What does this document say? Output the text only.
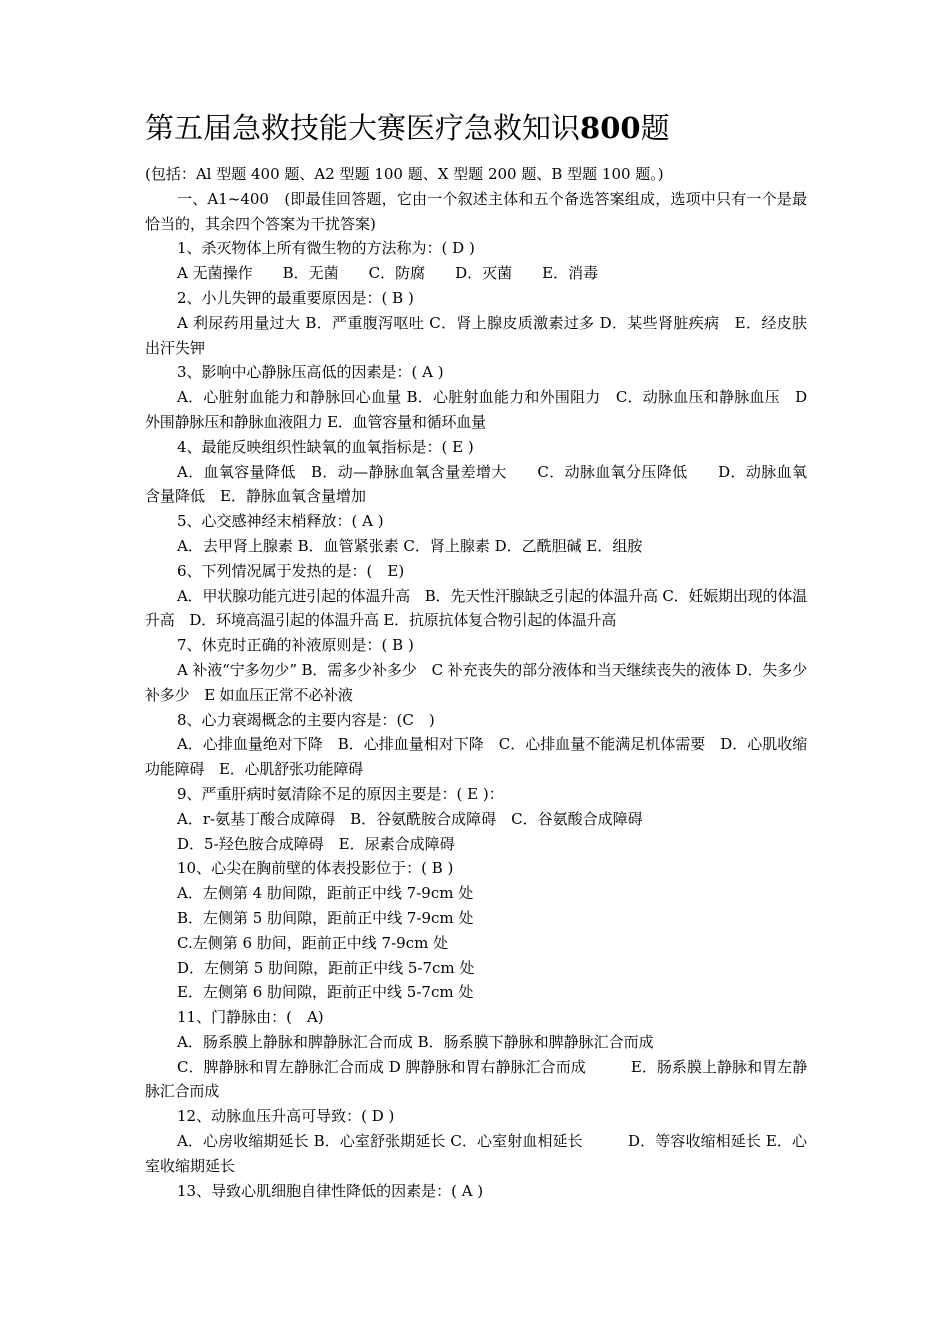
第五届急救技能大赛医疗急救知识800题

(包括：Al 型题 400 题、A2 型题 100 题、X 型题 200 题、B 型题 100 题。)

一、A1~400　(即最佳回答题，它由一个叙述主体和五个备选答案组成，选项中只有一个是最恰当的，其余四个答案为干扰答案)

1、杀灭物体上所有微生物的方法称为：( D )

A 无菌操作　　B．无菌　　C．防腐　　D．灭菌　　E．消毒

2、小儿失钾的最重要原因是：( B )

A 利尿药用量过大 B．严重腹泻呕吐 C．肾上腺皮质激素过多 D．某些肾脏疾病　E．经皮肤出汗失钾

3、影响中心静脉压高低的因素是：( A )

A．心脏射血能力和静脉回心血量 B．心脏射血能力和外围阻力　C．动脉血压和静脉血压　D 外围静脉压和静脉血液阻力 E．血管容量和循环血量

4、最能反映组织性缺氧的血氧指标是：( E )

A．血氧容量降低　B．动—静脉血氧含量差增大　　C．动脉血氧分压降低　　D．动脉血氧含量降低　E．静脉血氧含量增加

5、心交感神经末梢释放：( A )

A．去甲肾上腺素 B．血管紧张素 C．肾上腺素 D．乙酰胆碱 E．组胺

6、下列情况属于发热的是：(　E)

A．甲状腺功能亢进引起的体温升高　B．先天性汗腺缺乏引起的体温升高 C．妊娠期出现的体温升高　D．环境高温引起的体温升高 E．抗原抗体复合物引起的体温升高

7、休克时正确的补液原则是：( B )

A 补液“宁多勿少” B．需多少补多少　C 补充丧失的部分液体和当天继续丧失的液体 D．失多少补多少　E 如血压正常不必补液

8、心力衰竭概念的主要内容是：(C　)

A．心排血量绝对下降　B．心排血量相对下降　C．心排血量不能满足机体需要　D．心肌收缩功能障碍　E．心肌舒张功能障碍

9、严重肝病时氨清除不足的原因主要是：( E )：

A．r-氨基丁酸合成障碍　B．谷氨酰胺合成障碍　C．谷氨酸合成障碍

D．5-羟色胺合成障碍　E．尿素合成障碍

10、心尖在胸前壁的体表投影位于：( B )

A．左侧第 4 肋间隙，距前正中线 7-9cm 处

B．左侧第 5 肋间隙，距前正中线 7-9cm 处

C.左侧第 6 肋间，距前正中线 7-9cm 处

D．左侧第 5 肋间隙，距前正中线 5-7cm 处

E．左侧第 6 肋间隙，距前正中线 5-7cm 处

11、门静脉由：(　A)

A．肠系膜上静脉和脾静脉汇合而成 B．肠系膜下静脉和脾静脉汇合而成

C．脾静脉和胃左静脉汇合而成 D 脾静脉和胃右静脉汇合而成　　　E．肠系膜上静脉和胃左静脉汇合而成

12、动脉血压升高可导致：( D )

A．心房收缩期延长 B．心室舒张期延长 C．心室射血相延长　　　D．等容收缩相延长 E．心室收缩期延长

13、导致心肌细胞自律性降低的因素是：( A )
